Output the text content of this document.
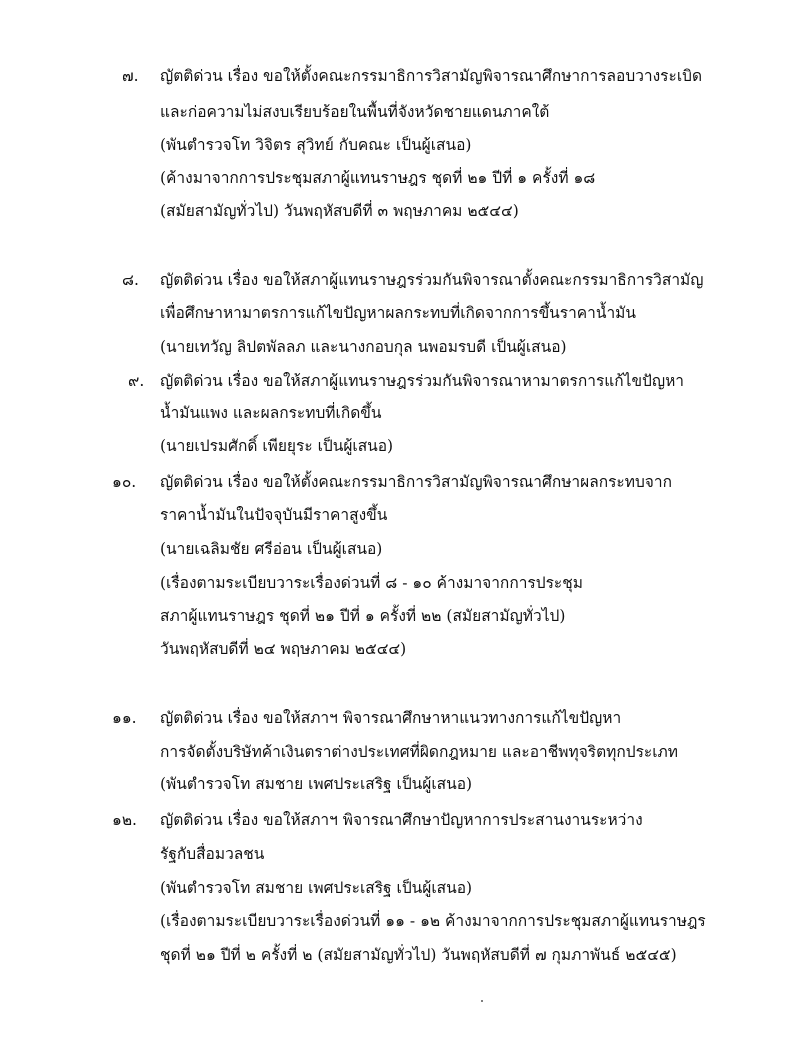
๗. ญัตติด่วน เรื่อง ขอให้ตั้งคณะกรรมาธิการวิสามัญพิจารณาศึกษาการลอบวางระเบิด
และก่อความไม่สงบเรียบร้อยในพื้นที่จังหวัดชายแดนภาคใต้
(พันตำรวจโท วิจิตร สุวิทย์ กับคณะ เป็นผู้เสนอ)
(ค้างมาจากการประชุมสภาผู้แทนราษฎร ชุดที่ ๒๑ ปีที่ ๑ ครั้งที่ ๑๘
(สมัยสามัญทั่วไป) วันพฤหัสบดีที่ ๓ พฤษภาคม ๒๕๔๔)
๘. ญัตติด่วน เรื่อง ขอให้สภาผู้แทนราษฎรร่วมกันพิจารณาตั้งคณะกรรมาธิการวิสามัญ
เพื่อศึกษาหามาตรการแก้ไขปัญหาผลกระทบที่เกิดจากการขึ้นราคาน้ำมัน
(นายเทวัญ ลิปตพัลลภ และนางกอบกุล นพอมรบดี เป็นผู้เสนอ)
๙. ญัตติด่วน เรื่อง ขอให้สภาผู้แทนราษฎรร่วมกันพิจารณาหามาตรการแก้ไขปัญหา
น้ำมันแพง และผลกระทบที่เกิดขึ้น
(นายเปรมศักดิ์ เพียยุระ เป็นผู้เสนอ)
๑๐. ญัตติด่วน เรื่อง ขอให้ตั้งคณะกรรมาธิการวิสามัญพิจารณาศึกษาผลกระทบจาก
ราคาน้ำมันในปัจจุบันมีราคาสูงขึ้น
(นายเฉลิมชัย ศรีอ่อน เป็นผู้เสนอ)
(เรื่องตามระเบียบวาระเรื่องด่วนที่ ๘ - ๑๐ ค้างมาจากการประชุม
สภาผู้แทนราษฎร ชุดที่ ๒๑ ปีที่ ๑ ครั้งที่ ๒๒ (สมัยสามัญทั่วไป)
วันพฤหัสบดีที่ ๒๔ พฤษภาคม ๒๕๔๔)
๑๑. ญัตติด่วน เรื่อง ขอให้สภาฯ พิจารณาศึกษาหาแนวทางการแก้ไขปัญหา
การจัดตั้งบริษัทค้าเงินตราต่างประเทศที่ผิดกฎหมาย และอาชีพทุจริตทุกประเภท
(พันตำรวจโท สมชาย เพศประเสริฐ เป็นผู้เสนอ)
๑๒. ญัตติด่วน เรื่อง ขอให้สภาฯ พิจารณาศึกษาปัญหาการประสานงานระหว่าง
รัฐกับสื่อมวลชน
(พันตำรวจโท สมชาย เพศประเสริฐ เป็นผู้เสนอ)
(เรื่องตามระเบียบวาระเรื่องด่วนที่ ๑๑ - ๑๒ ค้างมาจากการประชุมสภาผู้แทนราษฎร
ชุดที่ ๒๑ ปีที่ ๒ ครั้งที่ ๒ (สมัยสามัญทั่วไป) วันพฤหัสบดีที่ ๗ กุมภาพันธ์ ๒๕๔๕)
